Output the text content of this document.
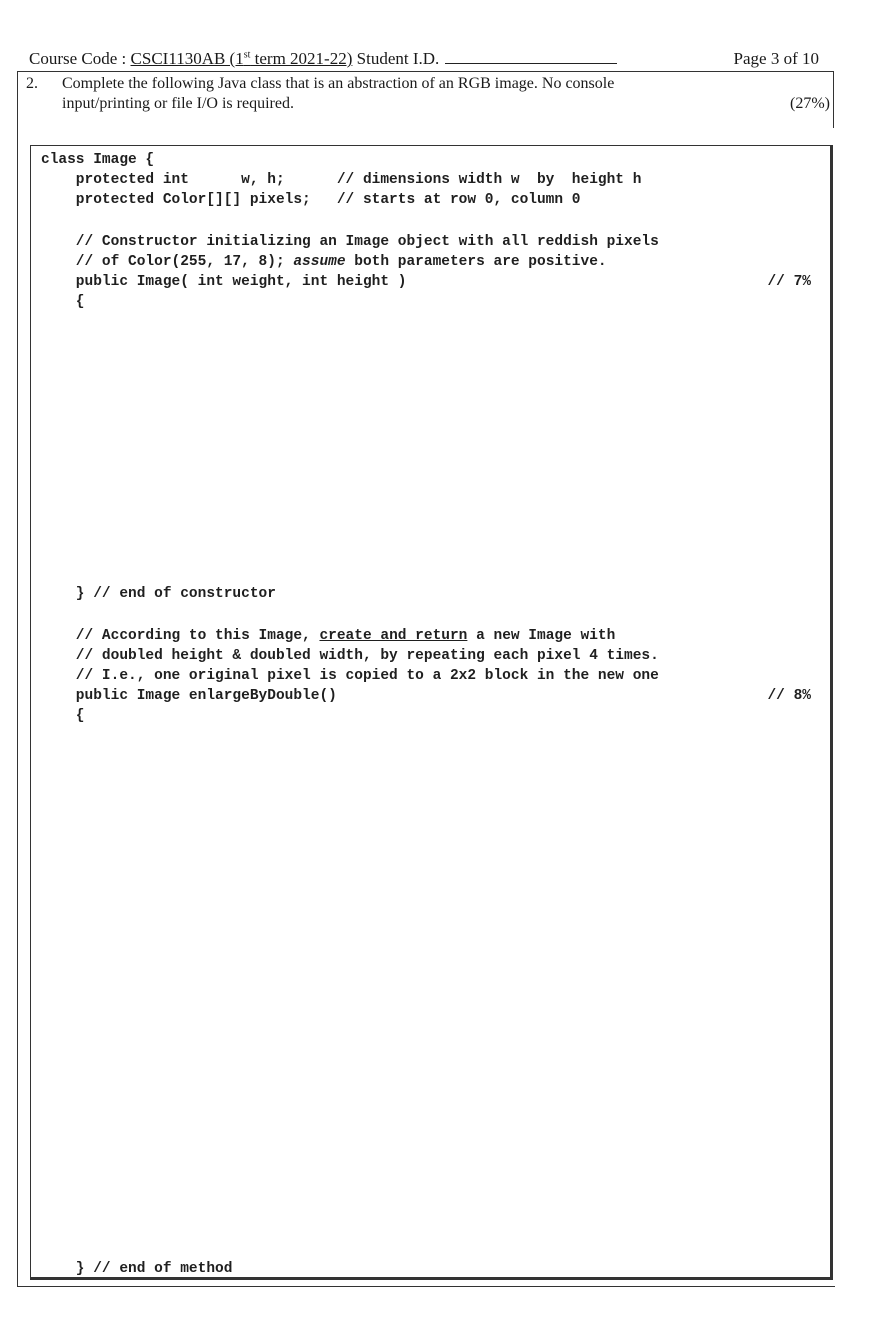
Course Code : CSCI1130AB (1st term 2021-22) Student I.D.	Page 3 of 10
2. Complete the following Java class that is an abstraction of an RGB image. No console
input/printing or file I/O is required.	(27%)
class Image {
protected int      w, h;      // dimensions width w  by  height h
protected Color[][] pixels;   // starts at row 0, column 0
// Constructor initializing an Image object with all reddish pixels
// of Color(255, 17, 8); assume both parameters are positive.
public Image( int weight, int height )	// 7%
{
} // end of constructor
// According to this Image, create and return a new Image with
// doubled height & doubled width, by repeating each pixel 4 times.
// I.e., one original pixel is copied to a 2x2 block in the new one
public Image enlargeByDouble()	// 8%
{
} // end of method
